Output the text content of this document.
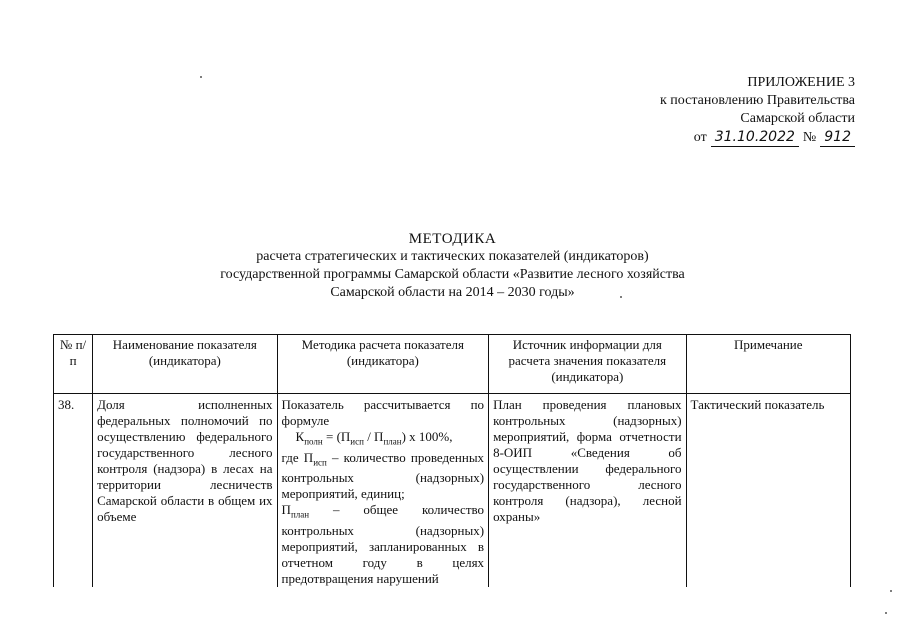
ПРИЛОЖЕНИЕ 3
к постановлению Правительства
Самарской области
от 31.10.2022 № 912
МЕТОДИКА
расчета стратегических и тактических показателей (индикаторов)
государственной программы Самарской области «Развитие лесного хозяйства
Самарской области на 2014 – 2030 годы»
№ п/п	Наименование показателя (индикатора)	Методика расчета показателя (индикатора)	Источник информации для расчета значения показателя (индикатора)	Примечание
38.	Доля исполненных федеральных полномочий по осуществлению федерального государственного лесного контроля (надзора) в лесах на территории лесничеств Самарской области в общем их объеме	Показатель рассчитывается по формуле
$К_{полн} = (П_{исп} / П_{план})$ х 100%,
где $П_{исп}$ – количество проведенных контрольных (надзорных) мероприятий, единиц;
$П_{план}$ – общее количество контрольных (надзорных) мероприятий, запланированных в отчетном году в целях предотвращения нарушений	План проведения плановых контрольных (надзорных) мероприятий, форма отчетности 8-ОИП «Сведения об осуществлении федерального государственного лесного контроля (надзора), лесной охраны»	Тактический показатель
